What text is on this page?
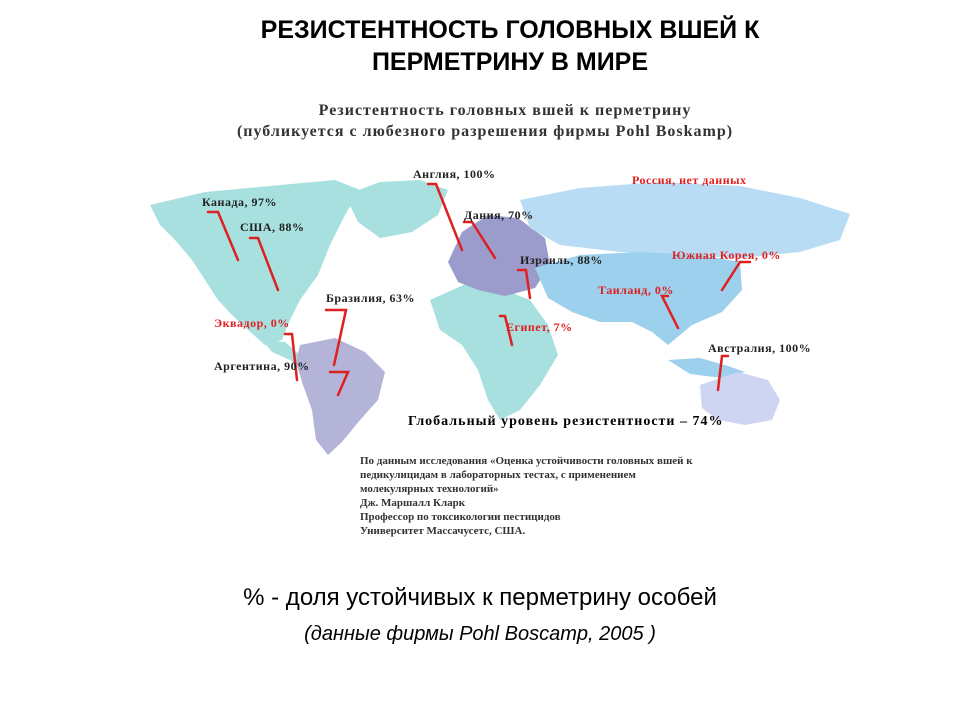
РЕЗИСТЕНТНОСТЬ ГОЛОВНЫХ ВШЕЙ К
ПЕРМЕТРИНУ В МИРЕ
Резистентность головных вшей к перметрину
(публикуется с любезного разрешения фирмы Pohl Boskamp)
Канада, 97%
США, 88%
Эквадор, 0%
Бразилия, 63%
Аргентина, 90%
Англия, 100%
Дания, 70%
Израиль, 88%
Египет, 7%
Россия, нет данных
Южная Корея, 0%
Таиланд, 0%
Австралия, 100%
Глобальный уровень резистентности – 74%
По данным исследования «Оценка устойчивости головных вшей к
педикулицидам в лабораторных тестах, с применением
молекулярных технологий»
Дж. Маршалл Кларк
Профессор по токсикологии пестицидов
Университет Массачусетс, США.
% - доля устойчивых к перметрину особей
(данные фирмы Pohl Boscamp, 2005 )
